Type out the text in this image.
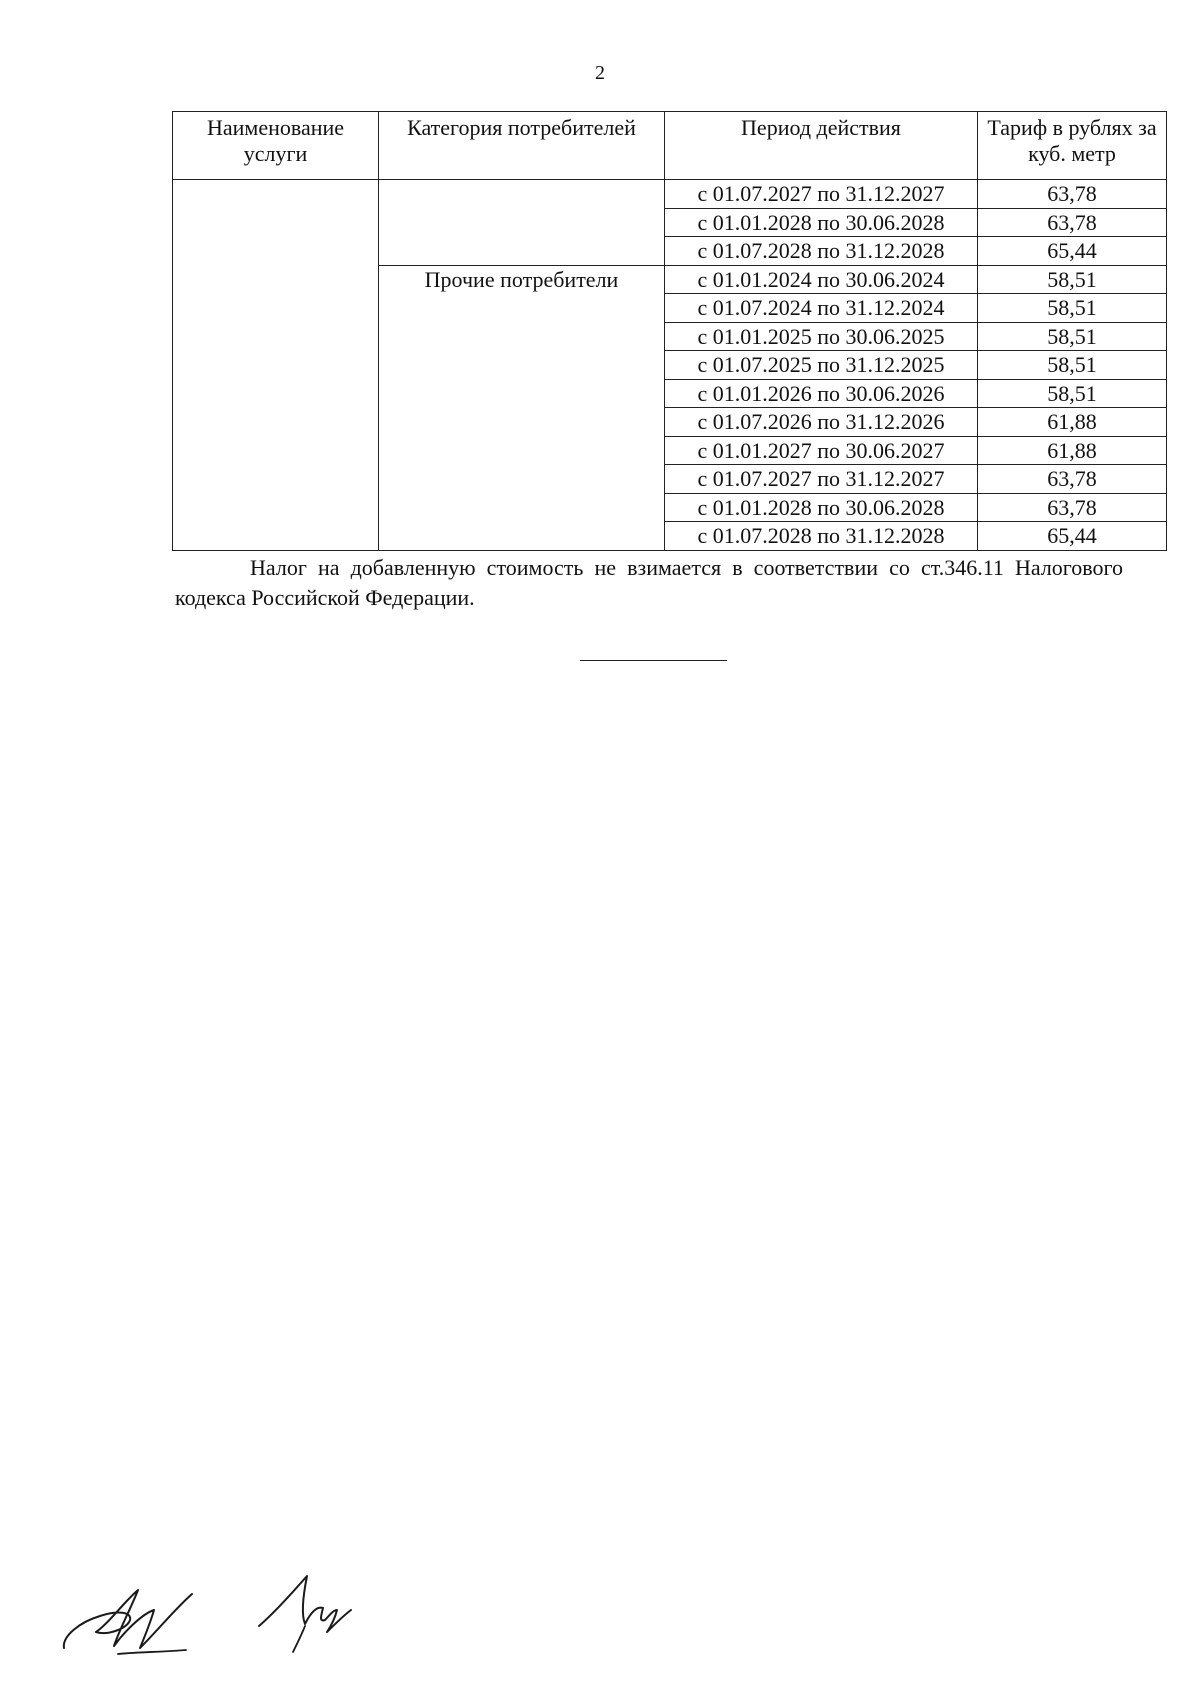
2
Наименование услуги	Категория потребителей	Период действия	Тариф в рублях за куб. метр
		с 01.07.2027 по 31.12.2027	63,78
		с 01.01.2028 по 30.06.2028	63,78
		с 01.07.2028 по 31.12.2028	65,44
	Прочие потребители	с 01.01.2024 по 30.06.2024	58,51
		с 01.07.2024 по 31.12.2024	58,51
		с 01.01.2025 по 30.06.2025	58,51
		с 01.07.2025 по 31.12.2025	58,51
		с 01.01.2026 по 30.06.2026	58,51
		с 01.07.2026 по 31.12.2026	61,88
		с 01.01.2027 по 30.06.2027	61,88
		с 01.07.2027 по 31.12.2027	63,78
		с 01.01.2028 по 30.06.2028	63,78
		с 01.07.2028 по 31.12.2028	65,44
Налог на добавленную стоимость не взимается в соответствии со ст.346.11 Налогового кодекса Российской Федерации.
